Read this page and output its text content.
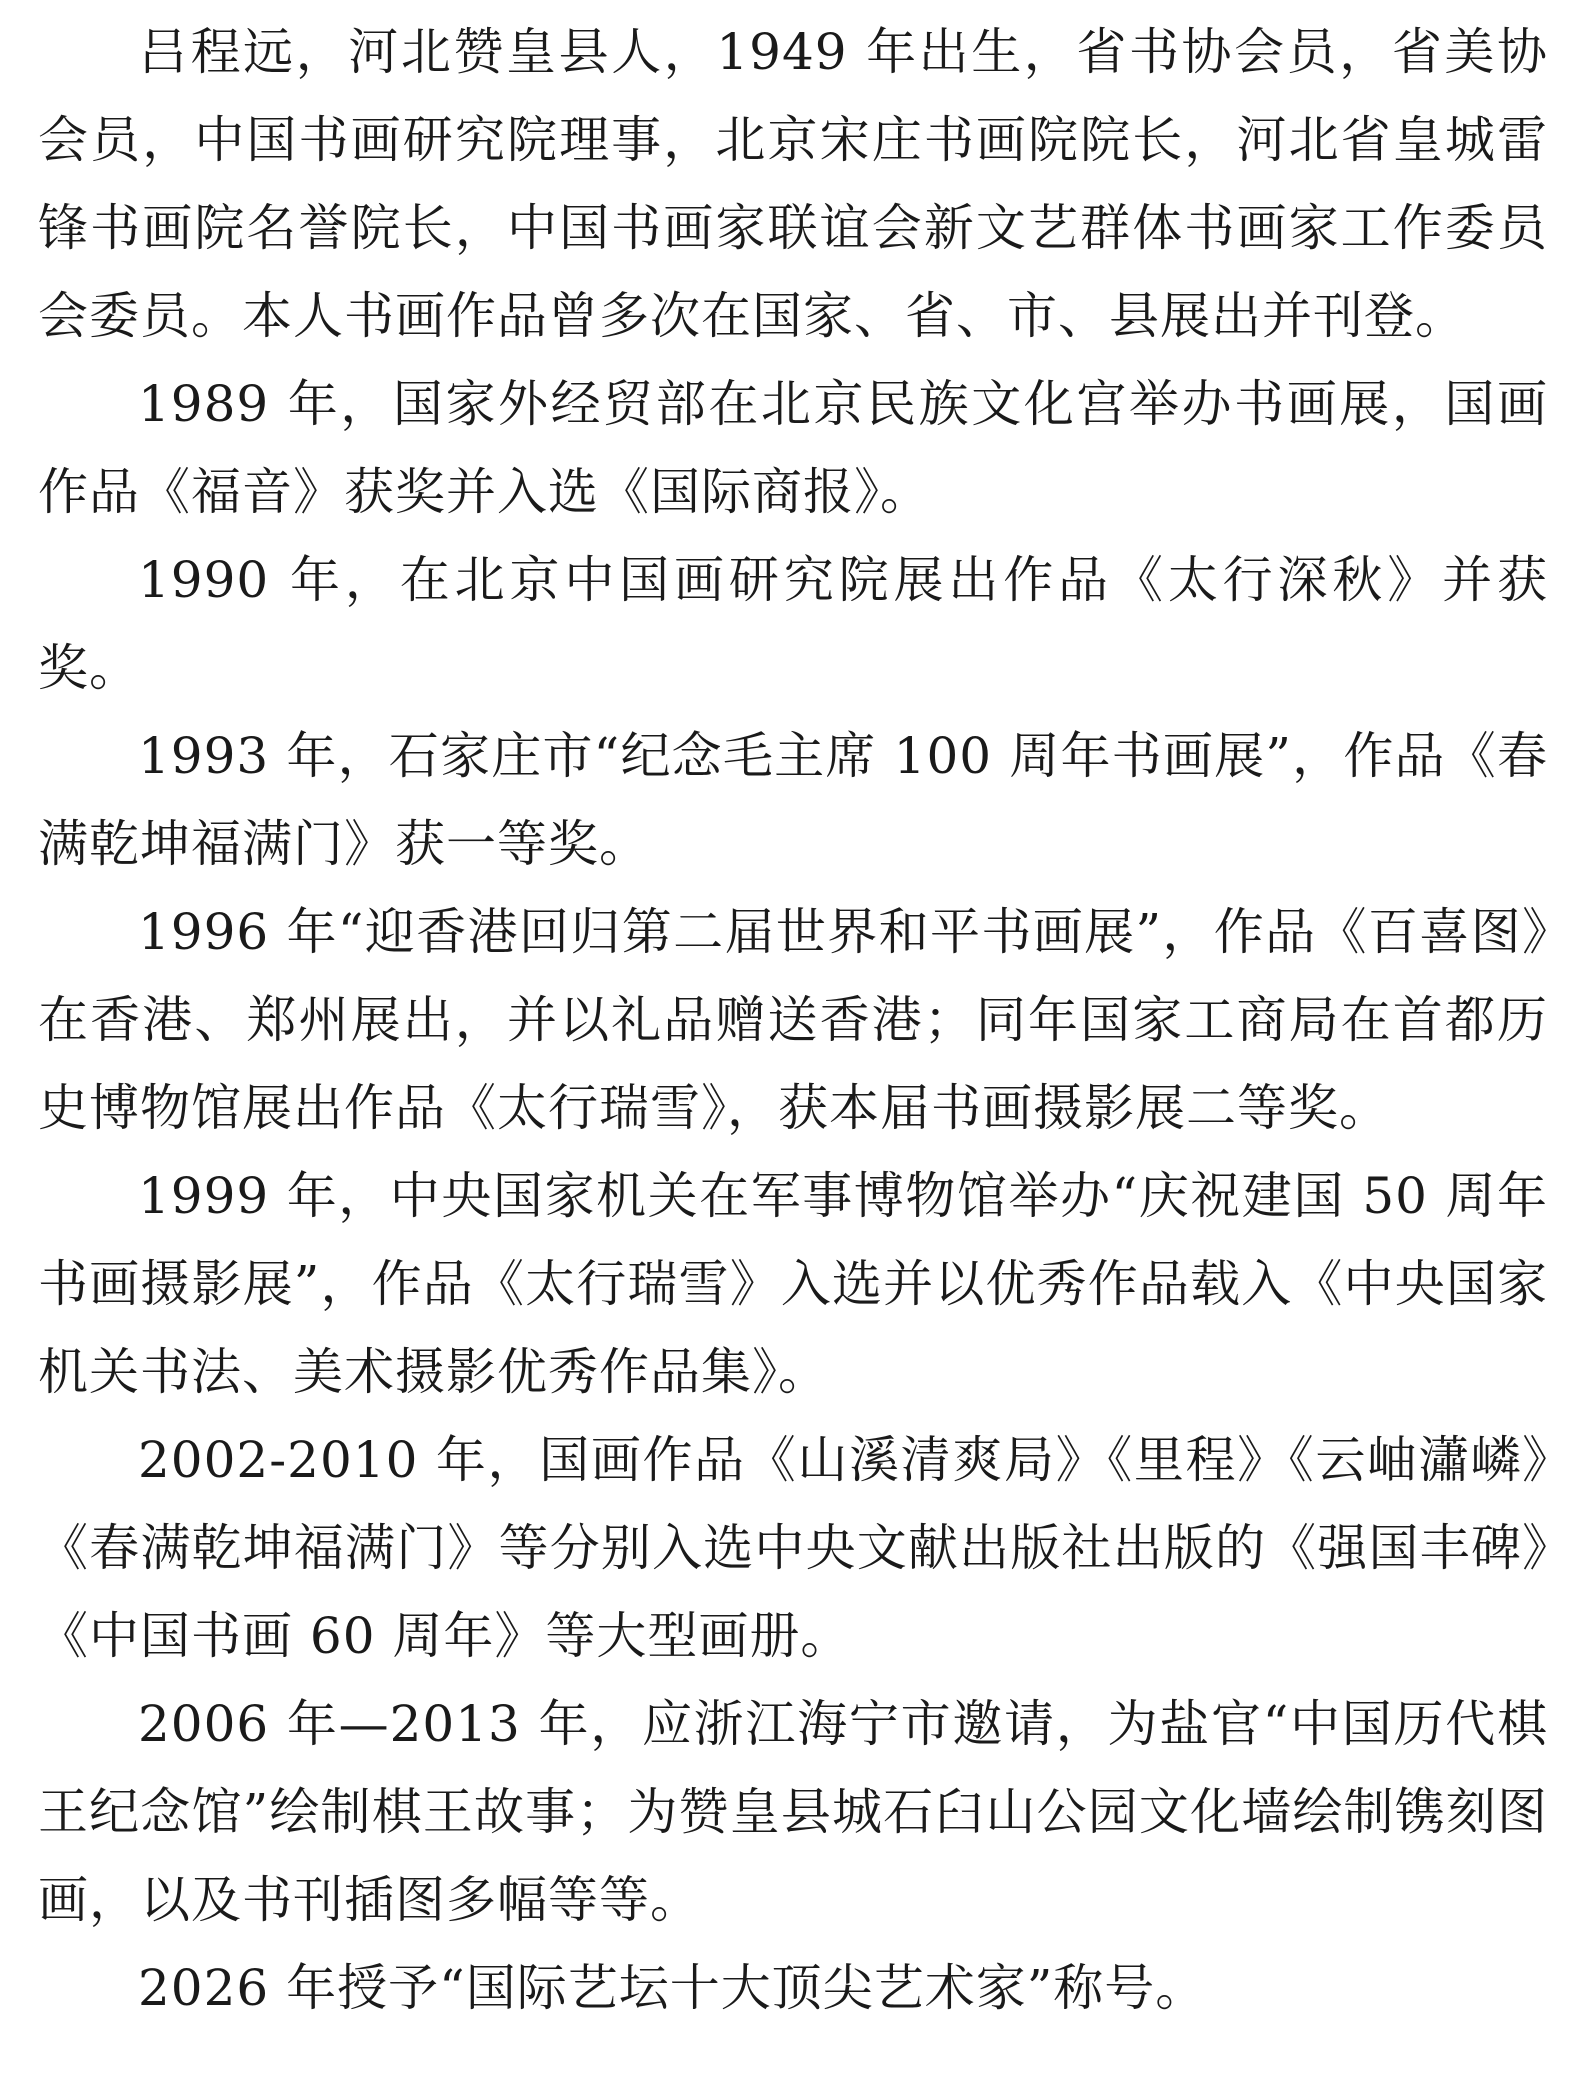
吕程远，河北赞皇县人，1949 年出生，省书协会员，省美协会员，中国书画研究院理事，北京宋庄书画院院长，河北省皇城雷锋书画院名誉院长，中国书画家联谊会新文艺群体书画家工作委员会委员。本人书画作品曾多次在国家、省、市、县展出并刊登。

1989 年，国家外经贸部在北京民族文化宫举办书画展，国画作品《福音》获奖并入选《国际商报》。

1990 年，在北京中国画研究院展出作品《太行深秋》并获奖。

1993 年，石家庄市“纪念毛主席 100 周年书画展”，作品《春满乾坤福满门》获一等奖。

1996 年“迎香港回归第二届世界和平书画展”，作品《百喜图》在香港、郑州展出，并以礼品赠送香港；同年国家工商局在首都历史博物馆展出作品《太行瑞雪》，获本届书画摄影展二等奖。

1999 年，中央国家机关在军事博物馆举办“庆祝建国 50 周年书画摄影展”，作品《太行瑞雪》入选并以优秀作品载入《中央国家机关书法、美术摄影优秀作品集》。

2002-2010 年，国画作品《山溪清爽局》《里程》《云岫瀟嶙》《春满乾坤福满门》等分别入选中央文献出版社出版的《强国丰碑》《中国书画 60 周年》等大型画册。

2006 年—2013 年，应浙江海宁市邀请，为盐官“中国历代棋王纪念馆”绘制棋王故事；为赞皇县城石臼山公园文化墙绘制镌刻图画，以及书刊插图多幅等等。

2026 年授予“国际艺坛十大顶尖艺术家”称号。
